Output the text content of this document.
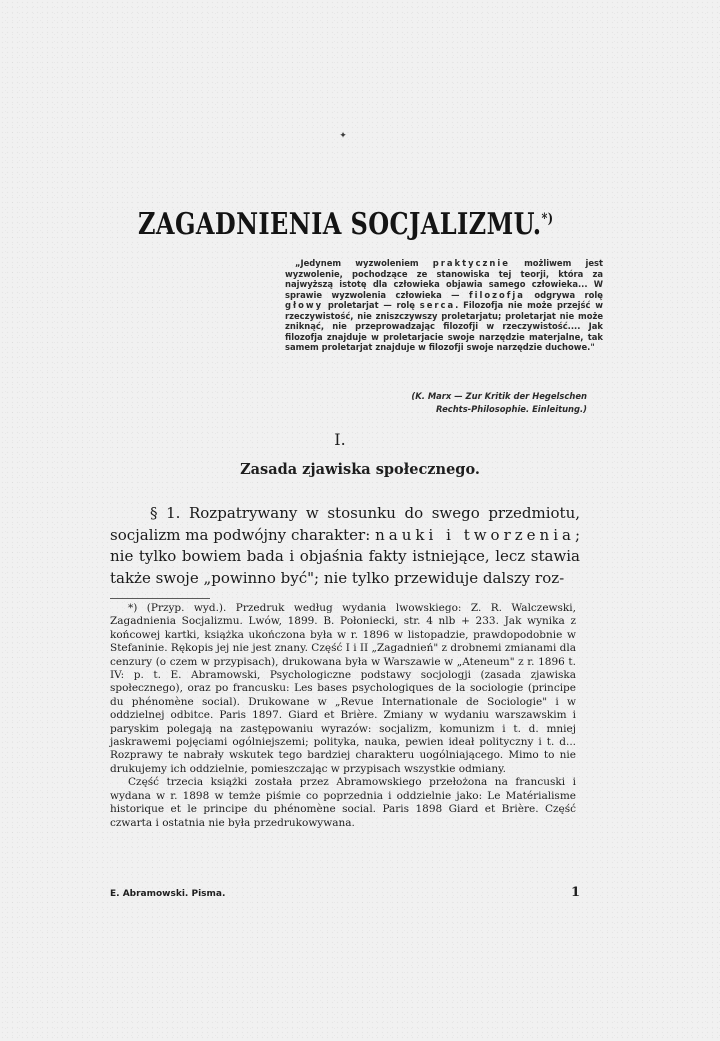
✦
ZAGADNIENIA SOCJALIZMU.*)

„Jedynem wyzwoleniem praktycznie możliwem jest wyzwolenie, pochodzące ze stanowiska tej teorji, która za najwyższą istotę dla człowieka objawia samego człowieka... W sprawie wyzwolenia człowieka — filozofja odgrywa rolę głowy proletarjat — rolę serca. Filozofja nie może przejść w rzeczywistość, nie zniszczywszy proletarjatu; proletarjat nie może zniknąć, nie przeprowadzając filozofji w rzeczywistość.... Jak filozofja znajduje w proletarjacie swoje narzędzie materjalne, tak samem proletarjat znajduje w filozofji swoje narzędzie duchowe."

(K. Marx — Zur Kritik der Hegelschen
Rechts-Philosophie. Einleitung.)
I.
Zasada zjawiska społecznego.

§ 1. Rozpatrywany w stosunku do swego przedmiotu, socjalizm ma podwójny charakter: nauki i tworzenia; nie tylko bowiem bada i objaśnia fakty istniejące, lecz stawia także swoje „powinno być"; nie tylko przewiduje dalszy roz-

*) (Przyp. wyd.). Przedruk według wydania lwowskiego: Z. R. Walczewski, Zagadnienia Socjalizmu. Lwów, 1899. B. Połoniecki, str. 4 nlb + 233. Jak wynika z końcowej kartki, książka ukończona była w r. 1896 w listopadzie, prawdopodobnie w Stefaninie. Rękopis jej nie jest znany. Część I i II „Zagadnień" z drobnemi zmianami dla cenzury (o czem w przypisach), drukowana była w Warszawie w „Ateneum" z r. 1896 t. IV: p. t. E. Abramowski, Psychologiczne podstawy socjologji (zasada zjawiska społecznego), oraz po francusku: Les bases psychologiques de la sociologie (principe du phénomène social). Drukowane w „Revue Internationale de Sociologie" i w oddzielnej odbitce. Paris 1897. Giard et Brière. Zmiany w wydaniu warszawskim i paryskim polegają na zastępowaniu wyrazów: socjalizm, komunizm i t. d. mniej jaskrawemi pojęciami ogólniejszemi; polityka, nauka, pewien ideał polityczny i t. d... Rozprawy te nabrały wskutek tego bardziej charakteru uogólniającego. Mimo to nie drukujemy ich oddzielnie, pomieszczając w przypisach wszystkie odmiany.

Część trzecia książki została przez Abramowskiego przełożona na francuski i wydana w r. 1898 w temże piśmie co poprzednia i oddzielnie jako: Le Matérialisme historique et le principe du phénomène social. Paris 1898 Giard et Brière. Część czwarta i ostatnia nie była przedrukowywana.

E. Abramowski. Pisma.	1
